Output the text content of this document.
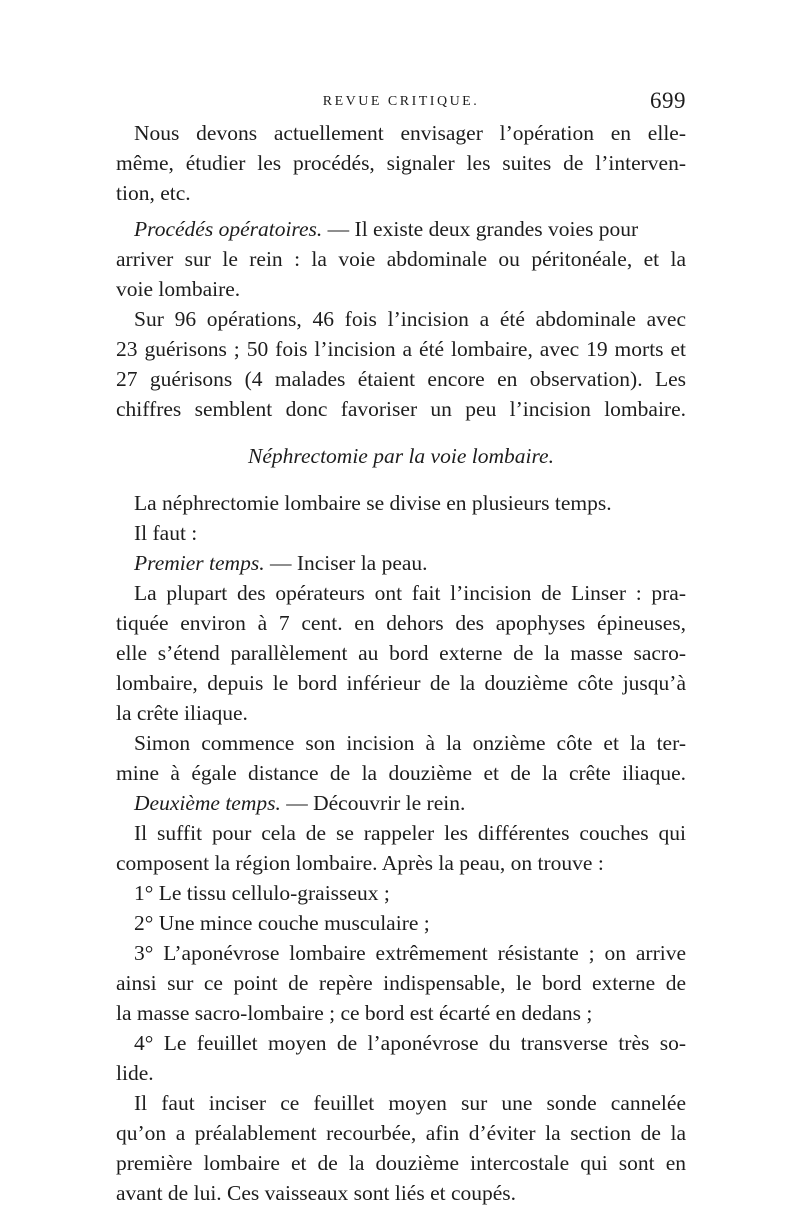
REVUE CRITIQUE.	699
Nous devons actuellement envisager l’opération en elle-
même, étudier les procédés, signaler les suites de l’interven-
tion, etc.
Procédés opératoires. — Il existe deux grandes voies pour
arriver sur le rein : la voie abdominale ou péritonéale, et la
voie lombaire.
Sur 96 opérations, 46 fois l’incision a été abdominale avec
23 guérisons ; 50 fois l’incision a été lombaire, avec 19 morts et
27 guérisons (4 malades étaient encore en observation). Les
chiffres semblent donc favoriser un peu l’incision lombaire.
Néphrectomie par la voie lombaire.
La néphrectomie lombaire se divise en plusieurs temps.
Il faut :
Premier temps. — Inciser la peau.
La plupart des opérateurs ont fait l’incision de Linser : pra-
tiquée environ à 7 cent. en dehors des apophyses épineuses,
elle s’étend parallèlement au bord externe de la masse sacro-
lombaire, depuis le bord inférieur de la douzième côte jusqu’à
la crête iliaque.
Simon commence son incision à la onzième côte et la ter-
mine à égale distance de la douzième et de la crête iliaque.
Deuxième temps. — Découvrir le rein.
Il suffit pour cela de se rappeler les différentes couches qui
composent la région lombaire. Après la peau, on trouve :
1° Le tissu cellulo-graisseux ;
2° Une mince couche musculaire ;
3° L’aponévrose lombaire extrêmement résistante ; on arrive
ainsi sur ce point de repère indispensable, le bord externe de
la masse sacro-lombaire ; ce bord est écarté en dedans ;
4° Le feuillet moyen de l’aponévrose du transverse très so-
lide.
Il faut inciser ce feuillet moyen sur une sonde cannelée
qu’on a préalablement recourbée, afin d’éviter la section de la
première lombaire et de la douzième intercostale qui sont en
avant de lui. Ces vaisseaux sont liés et coupés.
